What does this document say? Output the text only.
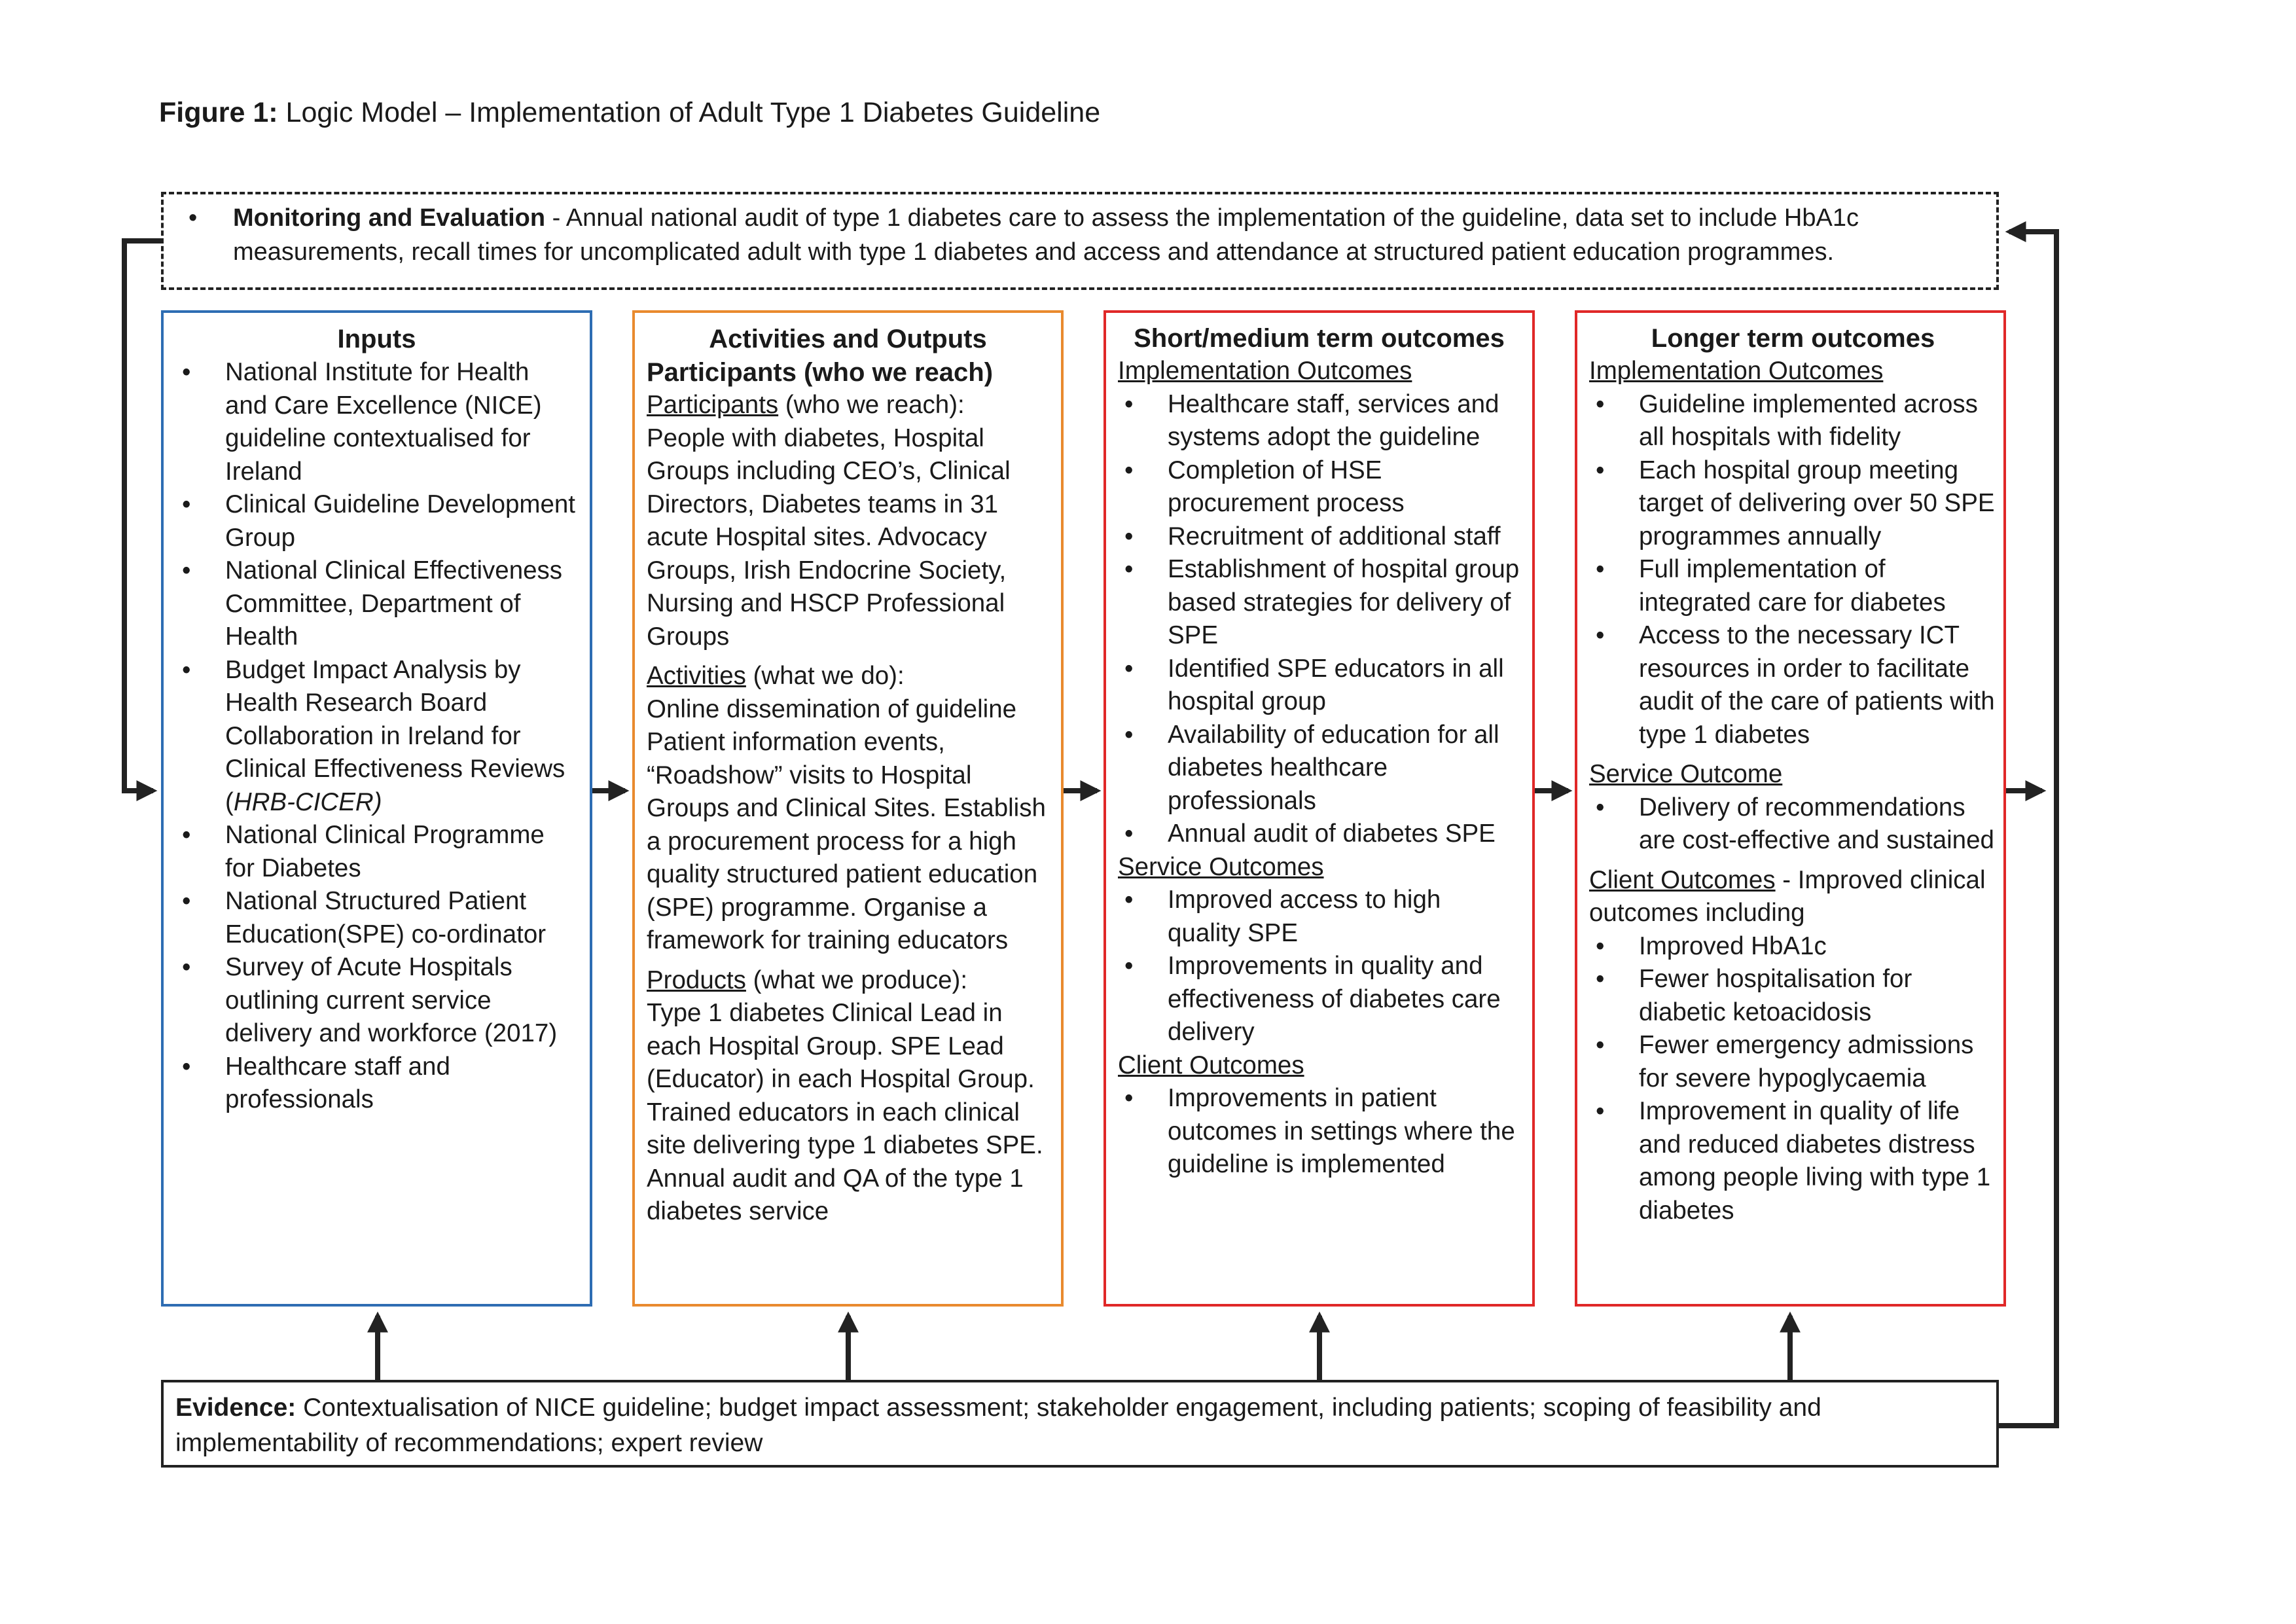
Figure 1: Logic Model – Implementation of Adult Type 1 Diabetes Guideline
•	Monitoring and Evaluation - Annual national audit of type 1 diabetes care to assess the implementation of the guideline, data set to include HbA1c measurements, recall times for uncomplicated adult with type 1 diabetes and access and attendance at structured patient education programmes.
Inputs
• National Institute for Health and Care Excellence (NICE) guideline contextualised for Ireland
• Clinical Guideline Development Group
• National Clinical Effectiveness Committee, Department of Health
• Budget Impact Analysis by Health Research Board Collaboration in Ireland for Clinical Effectiveness Reviews (HRB-CICER)
• National Clinical Programme for Diabetes
• National Structured Patient Education(SPE) co-ordinator
• Survey of Acute Hospitals outlining current service delivery and workforce (2017)
• Healthcare staff and professionals
Activities and Outputs
Participants (who we reach)

Participants (who we reach):
People with diabetes, Hospital Groups including CEO’s, Clinical Directors, Diabetes teams in 31 acute Hospital sites. Advocacy Groups, Irish Endocrine Society, Nursing and HSCP Professional Groups

Activities (what we do):
Online dissemination of guideline Patient information events, “Roadshow” visits to Hospital Groups and Clinical Sites. Establish a procurement process for a high quality structured patient education (SPE) programme. Organise a framework for training educators

Products (what we produce):
Type 1 diabetes Clinical Lead in each Hospital Group. SPE Lead (Educator) in each Hospital Group. Trained educators in each clinical site delivering type 1 diabetes SPE. Annual audit and QA of the type 1 diabetes service

Short/medium term outcomes
Implementation Outcomes
• Healthcare staff, services and systems adopt the guideline
• Completion of HSE procurement process
• Recruitment of additional staff
• Establishment of hospital group based strategies for delivery of SPE
• Identified SPE educators in all hospital group
• Availability of education for all diabetes healthcare professionals
• Annual audit of diabetes SPE
Service Outcomes
• Improved access to high quality SPE
• Improvements in quality and effectiveness of diabetes care delivery
Client Outcomes
• Improvements in patient outcomes in settings where the guideline is implemented
Longer term outcomes
Implementation Outcomes
• Guideline implemented across all hospitals with fidelity
• Each hospital group meeting target of delivering over 50 SPE programmes annually
• Full implementation of integrated care for diabetes
• Access to the necessary ICT resources in order to facilitate audit of the care of patients with type 1 diabetes
Service Outcome
• Delivery of recommendations are cost-effective and sustained
Client Outcomes - Improved clinical outcomes including
• Improved HbA1c
• Fewer hospitalisation for diabetic ketoacidosis
• Fewer emergency admissions for severe hypoglycaemia
• Improvement in quality of life and reduced diabetes distress among people living with type 1 diabetes
Evidence: Contextualisation of NICE guideline; budget impact assessment; stakeholder engagement, including patients; scoping of feasibility and implementability of recommendations; expert review
